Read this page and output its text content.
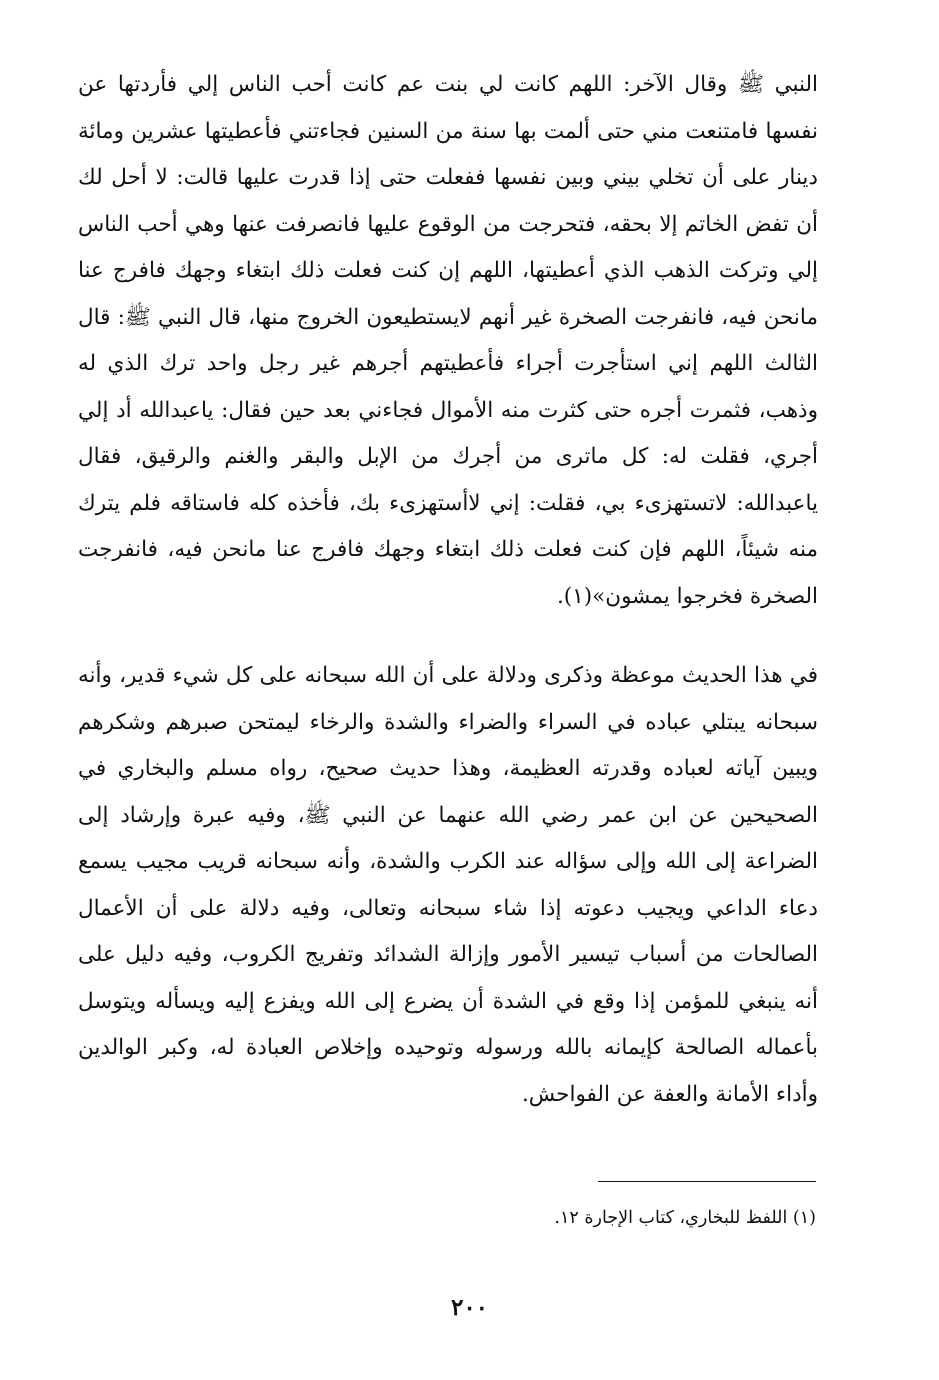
النبي ﷺ وقال الآخر: اللهم كانت لي بنت عم كانت أحب الناس إلي فأردتها عن نفسها فامتنعت مني حتى ألمت بها سنة من السنين فجاءتني فأعطيتها عشرين ومائة دينار على أن تخلي بيني وبين نفسها ففعلت حتى إذا قدرت عليها قالت: لا أحل لك أن تفض الخاتم إلا بحقه، فتحرجت من الوقوع عليها فانصرفت عنها وهي أحب الناس إلي وتركت الذهب الذي أعطيتها، اللهم إن كنت فعلت ذلك ابتغاء وجهك فافرج عنا مانحن فيه، فانفرجت الصخرة غير أنهم لايستطيعون الخروج منها، قال النبي ﷺ: قال الثالث اللهم إني استأجرت أجراء فأعطيتهم أجرهم غير رجل واحد ترك الذي له وذهب، فثمرت أجره حتى كثرت منه الأموال فجاءني بعد حين فقال: ياعبدالله أد إلي أجري، فقلت له: كل ماترى من أجرك من الإبل والبقر والغنم والرقيق، فقال ياعبدالله: لاتستهزىء بي، فقلت: إني لاأستهزىء بك، فأخذه كله فاستاقه فلم يترك منه شيئاً، اللهم فإن كنت فعلت ذلك ابتغاء وجهك فافرج عنا مانحن فيه، فانفرجت الصخرة فخرجوا يمشون»(١).

في هذا الحديث موعظة وذكرى ودلالة على أن الله سبحانه على كل شيء قدير، وأنه سبحانه يبتلي عباده في السراء والضراء والشدة والرخاء ليمتحن صبرهم وشكرهم ويبين آياته لعباده وقدرته العظيمة، وهذا حديث صحيح، رواه مسلم والبخاري في الصحيحين عن ابن عمر رضي الله عنهما عن النبي ﷺ، وفيه عبرة وإرشاد إلى الضراعة إلى الله وإلى سؤاله عند الكرب والشدة، وأنه سبحانه قريب مجيب يسمع دعاء الداعي ويجيب دعوته إذا شاء سبحانه وتعالى، وفيه دلالة على أن الأعمال الصالحات من أسباب تيسير الأمور وإزالة الشدائد وتفريج الكروب، وفيه دليل على أنه ينبغي للمؤمن إذا وقع في الشدة أن يضرع إلى الله ويفزع إليه ويسأله ويتوسل بأعماله الصالحة كإيمانه بالله ورسوله وتوحيده وإخلاص العبادة له، وكبر الوالدين وأداء الأمانة والعفة عن الفواحش.

(١) اللفظ للبخاري، كتاب الإجارة ١٢.
٢٠٠
